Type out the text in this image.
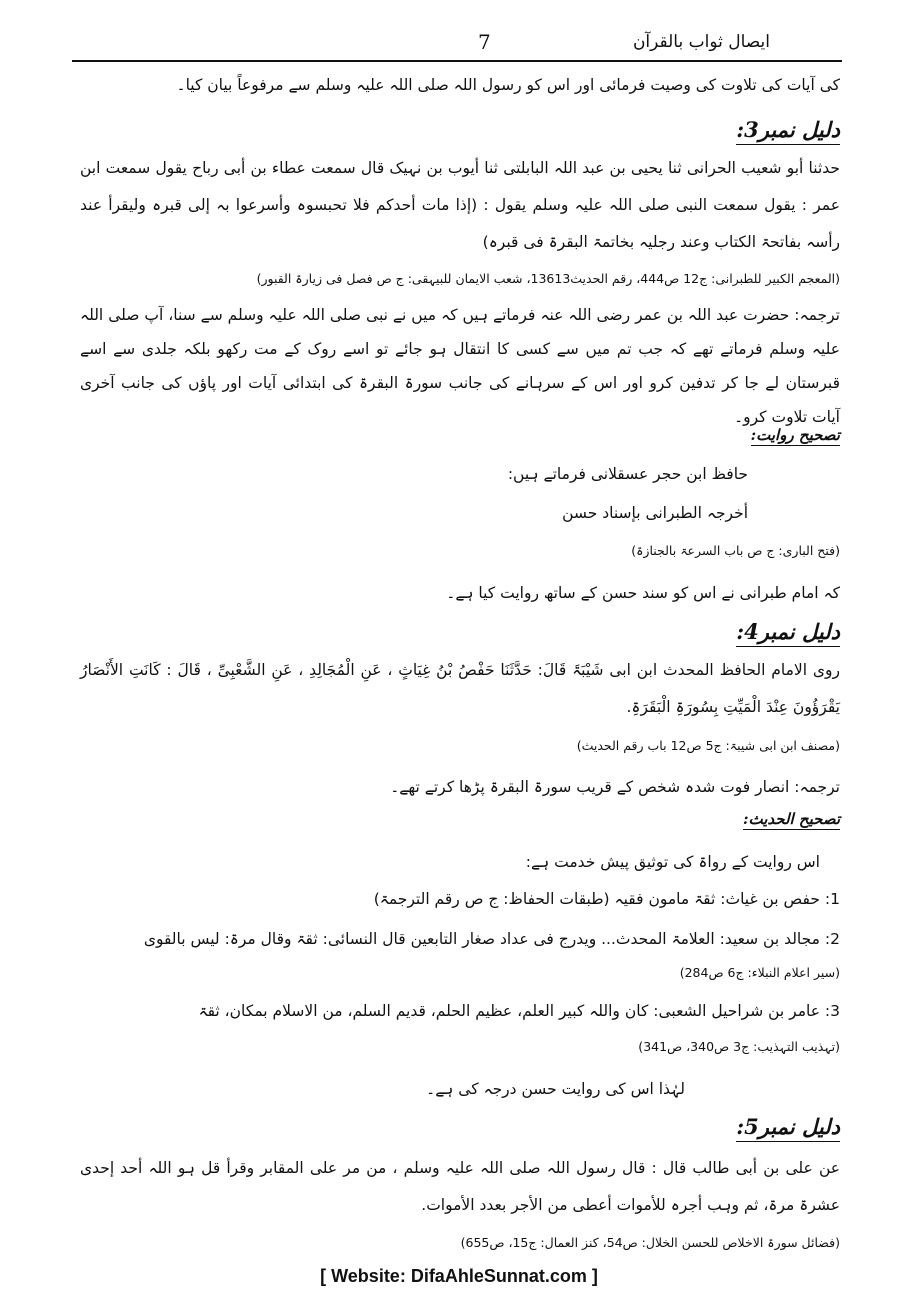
ایصال ثواب بالقرآن
7
کی آیات کی تلاوت کی وصیت فرمائی اور اس کو رسول اللہ صلی اللہ علیہ وسلم سے مرفوعاً بیان کیا۔
دلیل نمبر3:
حدثنا أبو شعیب الحرانی ثنا یحیی بن عبد اللہ البابلتی ثنا أیوب بن نہیک قال سمعت عطاء بن أبی رباح یقول سمعت ابن عمر : یقول سمعت النبی صلی اللہ علیہ وسلم یقول : (إذا مات أحدکم فلا تحبسوہ وأسرعوا بہ إلی قبرہ ولیقرأ عند رأسہ بفاتحۃ الکتاب وعند رجلیہ بخاتمۃ البقرۃ فی قبرہ)
(المعجم الکبیر للطبرانی: ج12 ص444، رقم الحدیث13613، شعب الایمان للبیہقی: ج ص فصل فی زیارۃ القبور)
ترجمہ: حضرت عبد اللہ بن عمر رضی اللہ عنہ فرماتے ہیں کہ میں نے نبی صلی اللہ علیہ وسلم سے سنا، آپ صلی اللہ علیہ وسلم فرماتے تھے کہ جب تم میں سے کسی کا انتقال ہو جائے تو اسے روک کے مت رکھو بلکہ جلدی سے اسے قبرستان لے جا کر تدفین کرو اور اس کے سرہانے کی جانب سورۃ البقرۃ کی ابتدائی آیات اور پاؤں کی جانب آخری آیات تلاوت کرو۔
تصحیح روایت:
حافظ ابن حجر عسقلانی فرماتے ہیں:
أخرجہ الطبرانی بإسناد حسن
(فتح الباری: ج ص باب السرعۃ بالجنازۃ)
کہ امام طبرانی نے اس کو سند حسن کے ساتھ روایت کیا ہے۔
دلیل نمبر4:
روی الامام الحافظ المحدث ابن ابی شَیْبَۃَ قَالَ: حَدَّثَنَا حَفْصُ بْنُ غِیَاثٍ ، عَنِ الْمُجَالِدِ ، عَنِ الشَّعْبِیِّ ، قَالَ : کَانَتِ الأَنْصَارُ یَقْرَؤُونَ عِنْدَ الْمَیِّتِ بِسُورَۃِ الْبَقَرَۃِ.
(مصنف ابن ابی شیبۃ: ج5 ص12 باب رقم الحدیث)
ترجمہ: انصار فوت شدہ شخص کے قریب سورۃ البقرۃ پڑھا کرتے تھے۔
تصحیح الحدیث:
اس روایت کے رواۃ کی توثیق پیش خدمت ہے:
1: حفص بن غیاث: ثقۃ مامون فقیہ (طبقات الحفاظ: ج ص رقم الترجمۃ)
2: مجالد بن سعید: العلامۃ المحدث... ویدرج فی عداد صغار التابعین قال النسائی: ثقۃ وقال مرۃ: لیس بالقوی
(سیر اعلام النبلاء: ج6 ص284)
3: عامر بن شراحیل الشعبی: کان واللہ کبیر العلم، عظیم الحلم، قدیم السلم، من الاسلام بمکان، ثقۃ
(تہذیب التہذیب: ج3 ص340، ص341)
لہٰذا اس کی روایت حسن درجہ کی ہے۔
دلیل نمبر5:
عن علی بن أبی طالب قال : قال رسول اللہ صلی اللہ علیہ وسلم ، من مر علی المقابر وقرأ قل ہو اللہ أحد إحدی عشرۃ مرۃ، ثم وہب أجرہ للأموات أعطی من الأجر بعدد الأموات.
(فضائل سورۃ الاخلاص للحسن الخلال: ص54، کنز العمال: ج15، ص655)
[ Website: DifaAhleSunnat.com ]
